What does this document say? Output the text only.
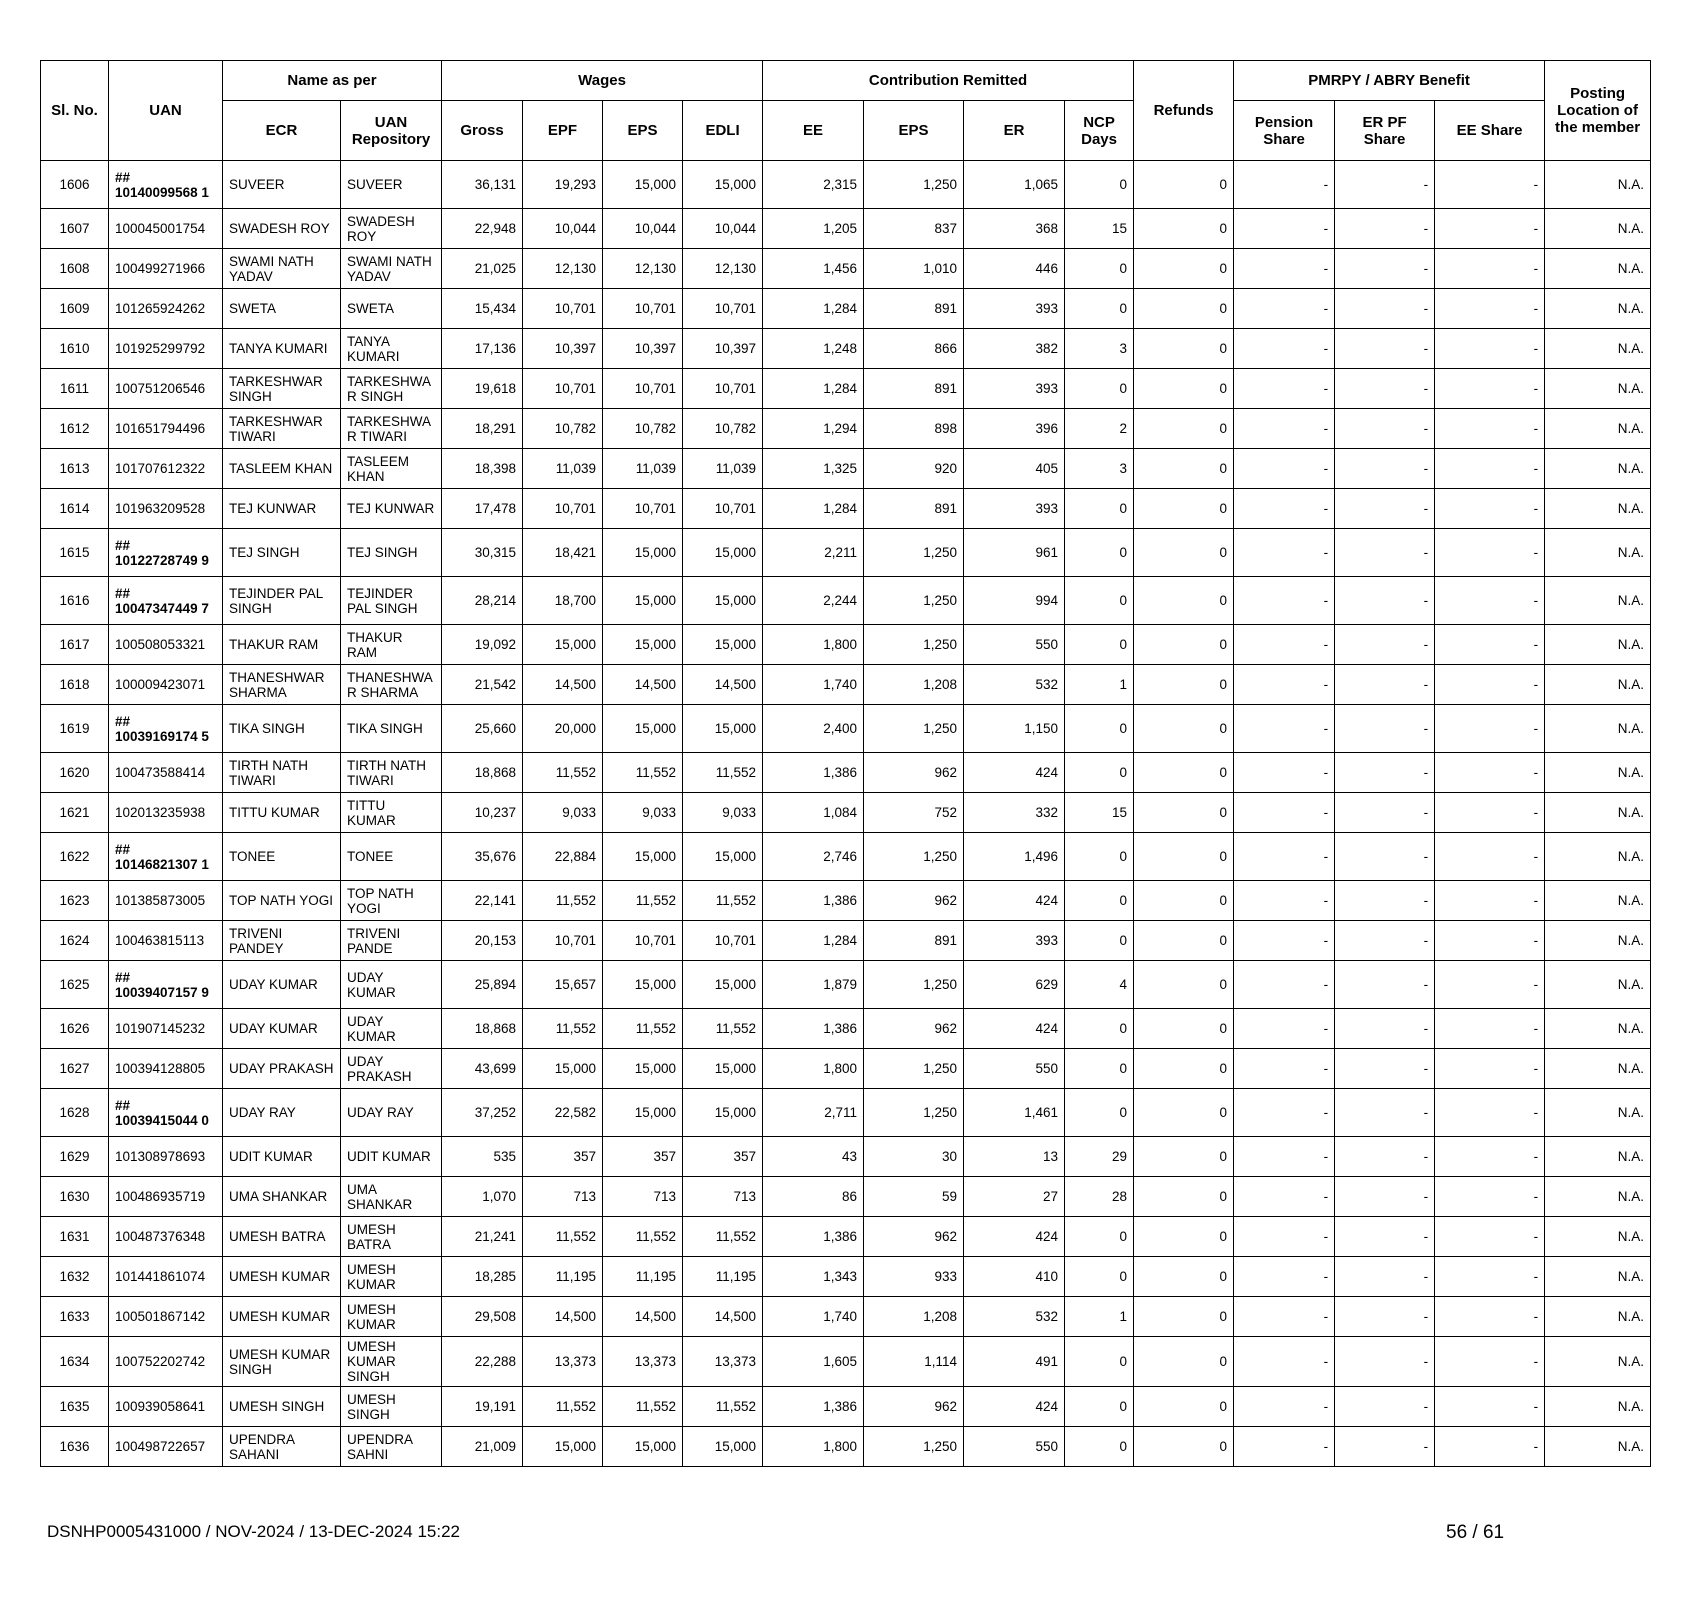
Sl. No.	UAN	Name as per		Wages				Contribution Remitted				Refunds	PMRPY / ABRY Benefit			Posting Location of the member
		ECR	UAN Repository	Gross	EPF	EPS	EDLI	EE	EPS	ER	NCP Days		Pension Share	ER PF Share	EE Share	
1606	## 10140099568 1	SUVEER	SUVEER	36,131	19,293	15,000	15,000	2,315	1,250	1,065	0	0	-	-	-	N.A.
1607	100045001754	SWADESH ROY	SWADESH ROY	22,948	10,044	10,044	10,044	1,205	837	368	15	0	-	-	-	N.A.
1608	100499271966	SWAMI NATH YADAV	SWAMI NATH YADAV	21,025	12,130	12,130	12,130	1,456	1,010	446	0	0	-	-	-	N.A.
1609	101265924262	SWETA	SWETA	15,434	10,701	10,701	10,701	1,284	891	393	0	0	-	-	-	N.A.
1610	101925299792	TANYA KUMARI	TANYA KUMARI	17,136	10,397	10,397	10,397	1,248	866	382	3	0	-	-	-	N.A.
1611	100751206546	TARKESHWAR SINGH	TARKESHWA R SINGH	19,618	10,701	10,701	10,701	1,284	891	393	0	0	-	-	-	N.A.
1612	101651794496	TARKESHWAR TIWARI	TARKESHWA R TIWARI	18,291	10,782	10,782	10,782	1,294	898	396	2	0	-	-	-	N.A.
1613	101707612322	TASLEEM KHAN	TASLEEM KHAN	18,398	11,039	11,039	11,039	1,325	920	405	3	0	-	-	-	N.A.
1614	101963209528	TEJ KUNWAR	TEJ KUNWAR	17,478	10,701	10,701	10,701	1,284	891	393	0	0	-	-	-	N.A.
1615	## 10122728749 9	TEJ SINGH	TEJ SINGH	30,315	18,421	15,000	15,000	2,211	1,250	961	0	0	-	-	-	N.A.
1616	## 10047347449 7	TEJINDER PAL SINGH	TEJINDER PAL SINGH	28,214	18,700	15,000	15,000	2,244	1,250	994	0	0	-	-	-	N.A.
1617	100508053321	THAKUR RAM	THAKUR RAM	19,092	15,000	15,000	15,000	1,800	1,250	550	0	0	-	-	-	N.A.
1618	100009423071	THANESHWAR SHARMA	THANESHWA R SHARMA	21,542	14,500	14,500	14,500	1,740	1,208	532	1	0	-	-	-	N.A.
1619	## 10039169174 5	TIKA SINGH	TIKA SINGH	25,660	20,000	15,000	15,000	2,400	1,250	1,150	0	0	-	-	-	N.A.
1620	100473588414	TIRTH NATH TIWARI	TIRTH NATH TIWARI	18,868	11,552	11,552	11,552	1,386	962	424	0	0	-	-	-	N.A.
1621	102013235938	TITTU KUMAR	TITTU KUMAR	10,237	9,033	9,033	9,033	1,084	752	332	15	0	-	-	-	N.A.
1622	## 10146821307 1	TONEE	TONEE	35,676	22,884	15,000	15,000	2,746	1,250	1,496	0	0	-	-	-	N.A.
1623	101385873005	TOP NATH YOGI	TOP NATH YOGI	22,141	11,552	11,552	11,552	1,386	962	424	0	0	-	-	-	N.A.
1624	100463815113	TRIVENI PANDEY	TRIVENI PANDE	20,153	10,701	10,701	10,701	1,284	891	393	0	0	-	-	-	N.A.
1625	## 10039407157 9	UDAY KUMAR	UDAY KUMAR	25,894	15,657	15,000	15,000	1,879	1,250	629	4	0	-	-	-	N.A.
1626	101907145232	UDAY KUMAR	UDAY KUMAR	18,868	11,552	11,552	11,552	1,386	962	424	0	0	-	-	-	N.A.
1627	100394128805	UDAY PRAKASH	UDAY PRAKASH	43,699	15,000	15,000	15,000	1,800	1,250	550	0	0	-	-	-	N.A.
1628	## 10039415044 0	UDAY RAY	UDAY RAY	37,252	22,582	15,000	15,000	2,711	1,250	1,461	0	0	-	-	-	N.A.
1629	101308978693	UDIT KUMAR	UDIT KUMAR	535	357	357	357	43	30	13	29	0	-	-	-	N.A.
1630	100486935719	UMA SHANKAR	UMA SHANKAR	1,070	713	713	713	86	59	27	28	0	-	-	-	N.A.
1631	100487376348	UMESH BATRA	UMESH BATRA	21,241	11,552	11,552	11,552	1,386	962	424	0	0	-	-	-	N.A.
1632	101441861074	UMESH KUMAR	UMESH KUMAR	18,285	11,195	11,195	11,195	1,343	933	410	0	0	-	-	-	N.A.
1633	100501867142	UMESH KUMAR	UMESH KUMAR	29,508	14,500	14,500	14,500	1,740	1,208	532	1	0	-	-	-	N.A.
1634	100752202742	UMESH KUMAR SINGH	UMESH KUMAR SINGH	22,288	13,373	13,373	13,373	1,605	1,114	491	0	0	-	-	-	N.A.
1635	100939058641	UMESH SINGH	UMESH SINGH	19,191	11,552	11,552	11,552	1,386	962	424	0	0	-	-	-	N.A.
1636	100498722657	UPENDRA SAHANI	UPENDRA SAHNI	21,009	15,000	15,000	15,000	1,800	1,250	550	0	0	-	-	-	N.A.
DSNHP0005431000 / NOV-2024 / 13-DEC-2024 15:22	56 / 61
